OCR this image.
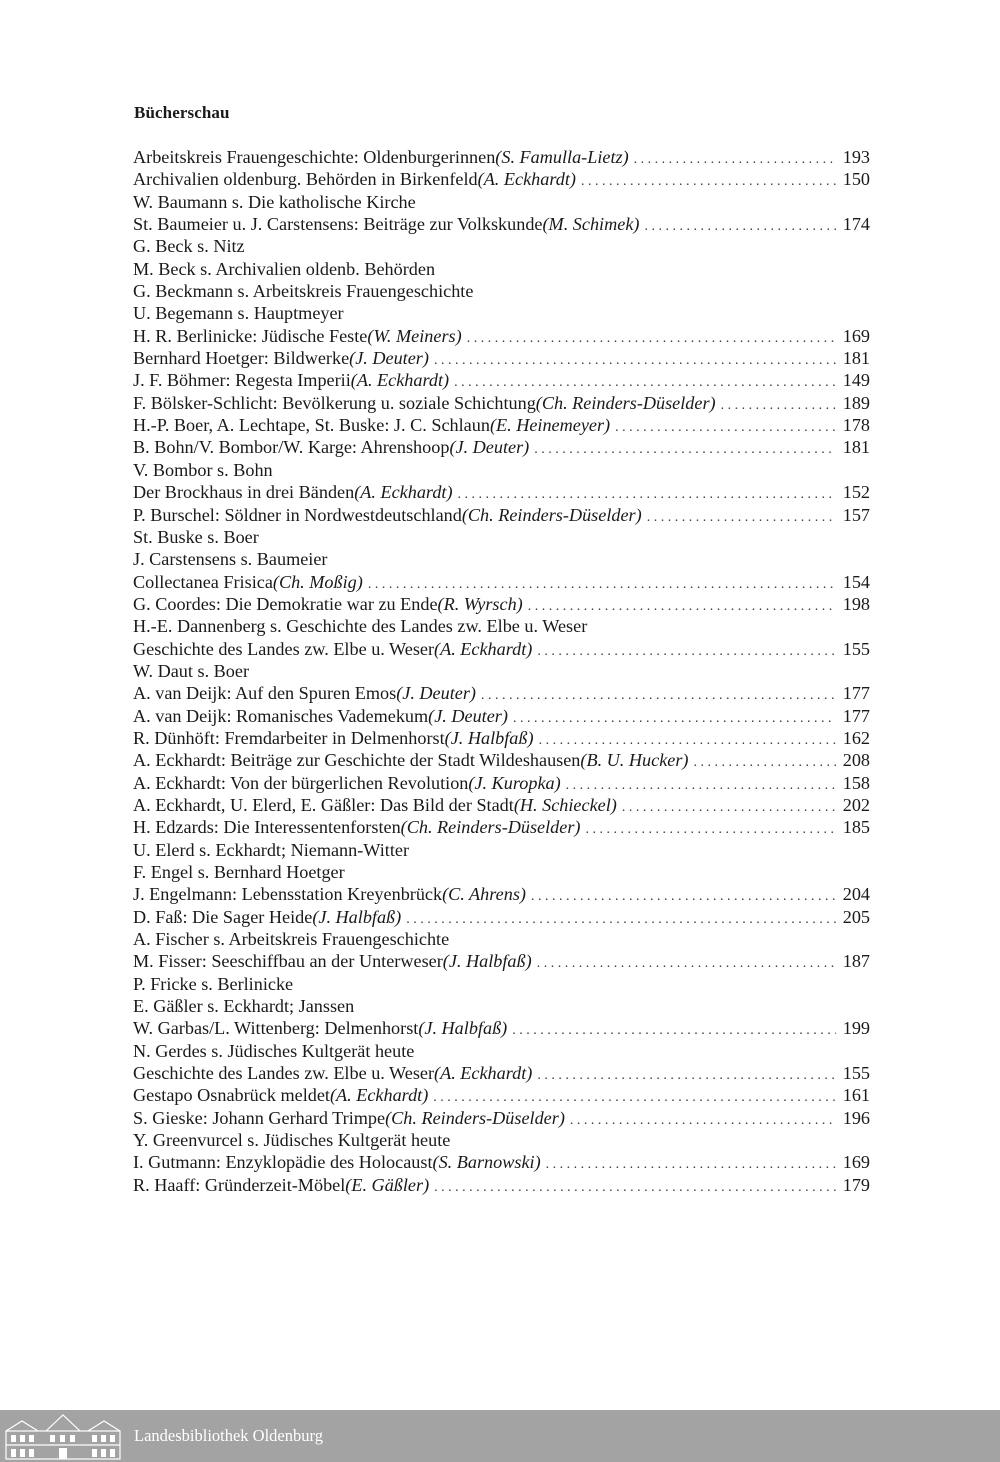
Bücherschau
Arbeitskreis Frauengeschichte: Oldenburgerinnen (S. Famulla-Lietz) . . .	193
Archivalien oldenburg. Behörden in Birkenfeld (A. Eckhardt) . . .	150
W. Baumann s. Die katholische Kirche
St. Baumeier u. J. Carstensens: Beiträge zur Volkskunde (M. Schimek) . . .	174
G. Beck s. Nitz
M. Beck s. Archivalien oldenb. Behörden
G. Beckmann s. Arbeitskreis Frauengeschichte
U. Begemann s. Hauptmeyer
H. R. Berlinicke: Jüdische Feste (W. Meiners) . . .	169
Bernhard Hoetger: Bildwerke (J. Deuter) . . .	181
J. F. Böhmer: Regesta Imperii (A. Eckhardt) . . .	149
F. Bölsker-Schlicht: Bevölkerung u. soziale Schichtung (Ch. Reinders-Düselder) . . .	189
H.-P. Boer, A. Lechtape, St. Buske: J. C. Schlaun (E. Heinemeyer) . . .	178
B. Bohn/V. Bombor/W. Karge: Ahrenshoop (J. Deuter) . . .	181
V. Bombor s. Bohn
Der Brockhaus in drei Bänden (A. Eckhardt) . . .	152
P. Burschel: Söldner in Nordwestdeutschland (Ch. Reinders-Düselder) . . .	157
St. Buske s. Boer
J. Carstensens s. Baumeier
Collectanea Frisica (Ch. Moßig) . . .	154
G. Coordes: Die Demokratie war zu Ende (R. Wyrsch) . . .	198
H.-E. Dannenberg s. Geschichte des Landes zw. Elbe u. Weser
Geschichte des Landes zw. Elbe u. Weser (A. Eckhardt) . . .	155
W. Daut s. Boer
A. van Deijk: Auf den Spuren Emos (J. Deuter) . . .	177
A. van Deijk: Romanisches Vademekum (J. Deuter) . . .	177
R. Dünhöft: Fremdarbeiter in Delmenhorst (J. Halbfaß) . . .	162
A. Eckhardt: Beiträge zur Geschichte der Stadt Wildeshausen (B. U. Hucker) . . .	208
A. Eckhardt: Von der bürgerlichen Revolution (J. Kuropka) . . .	158
A. Eckhardt, U. Elerd, E. Gäßler: Das Bild der Stadt (H. Schieckel) . . .	202
H. Edzards: Die Interessentenforsten (Ch. Reinders-Düselder) . . .	185
U. Elerd s. Eckhardt; Niemann-Witter
F. Engel s. Bernhard Hoetger
J. Engelmann: Lebensstation Kreyenbrück (C. Ahrens) . . .	204
D. Faß: Die Sager Heide (J. Halbfaß) . . .	205
A. Fischer s. Arbeitskreis Frauengeschichte
M. Fisser: Seeschiffbau an der Unterweser (J. Halbfaß) . . .	187
P. Fricke s. Berlinicke
E. Gäßler s. Eckhardt; Janssen
W. Garbas/L. Wittenberg: Delmenhorst (J. Halbfaß) . . .	199
N. Gerdes s. Jüdisches Kultgerät heute
Geschichte des Landes zw. Elbe u. Weser (A. Eckhardt) . . .	155
Gestapo Osnabrück meldet (A. Eckhardt) . . .	161
S. Gieske: Johann Gerhard Trimpe (Ch. Reinders-Düselder) . . .	196
Y. Greenvurcel s. Jüdisches Kultgerät heute
I. Gutmann: Enzyklopädie des Holocaust (S. Barnowski) . . .	169
R. Haaff: Gründerzeit-Möbel (E. Gäßler) . . .	179
Landesbibliothek Oldenburg
